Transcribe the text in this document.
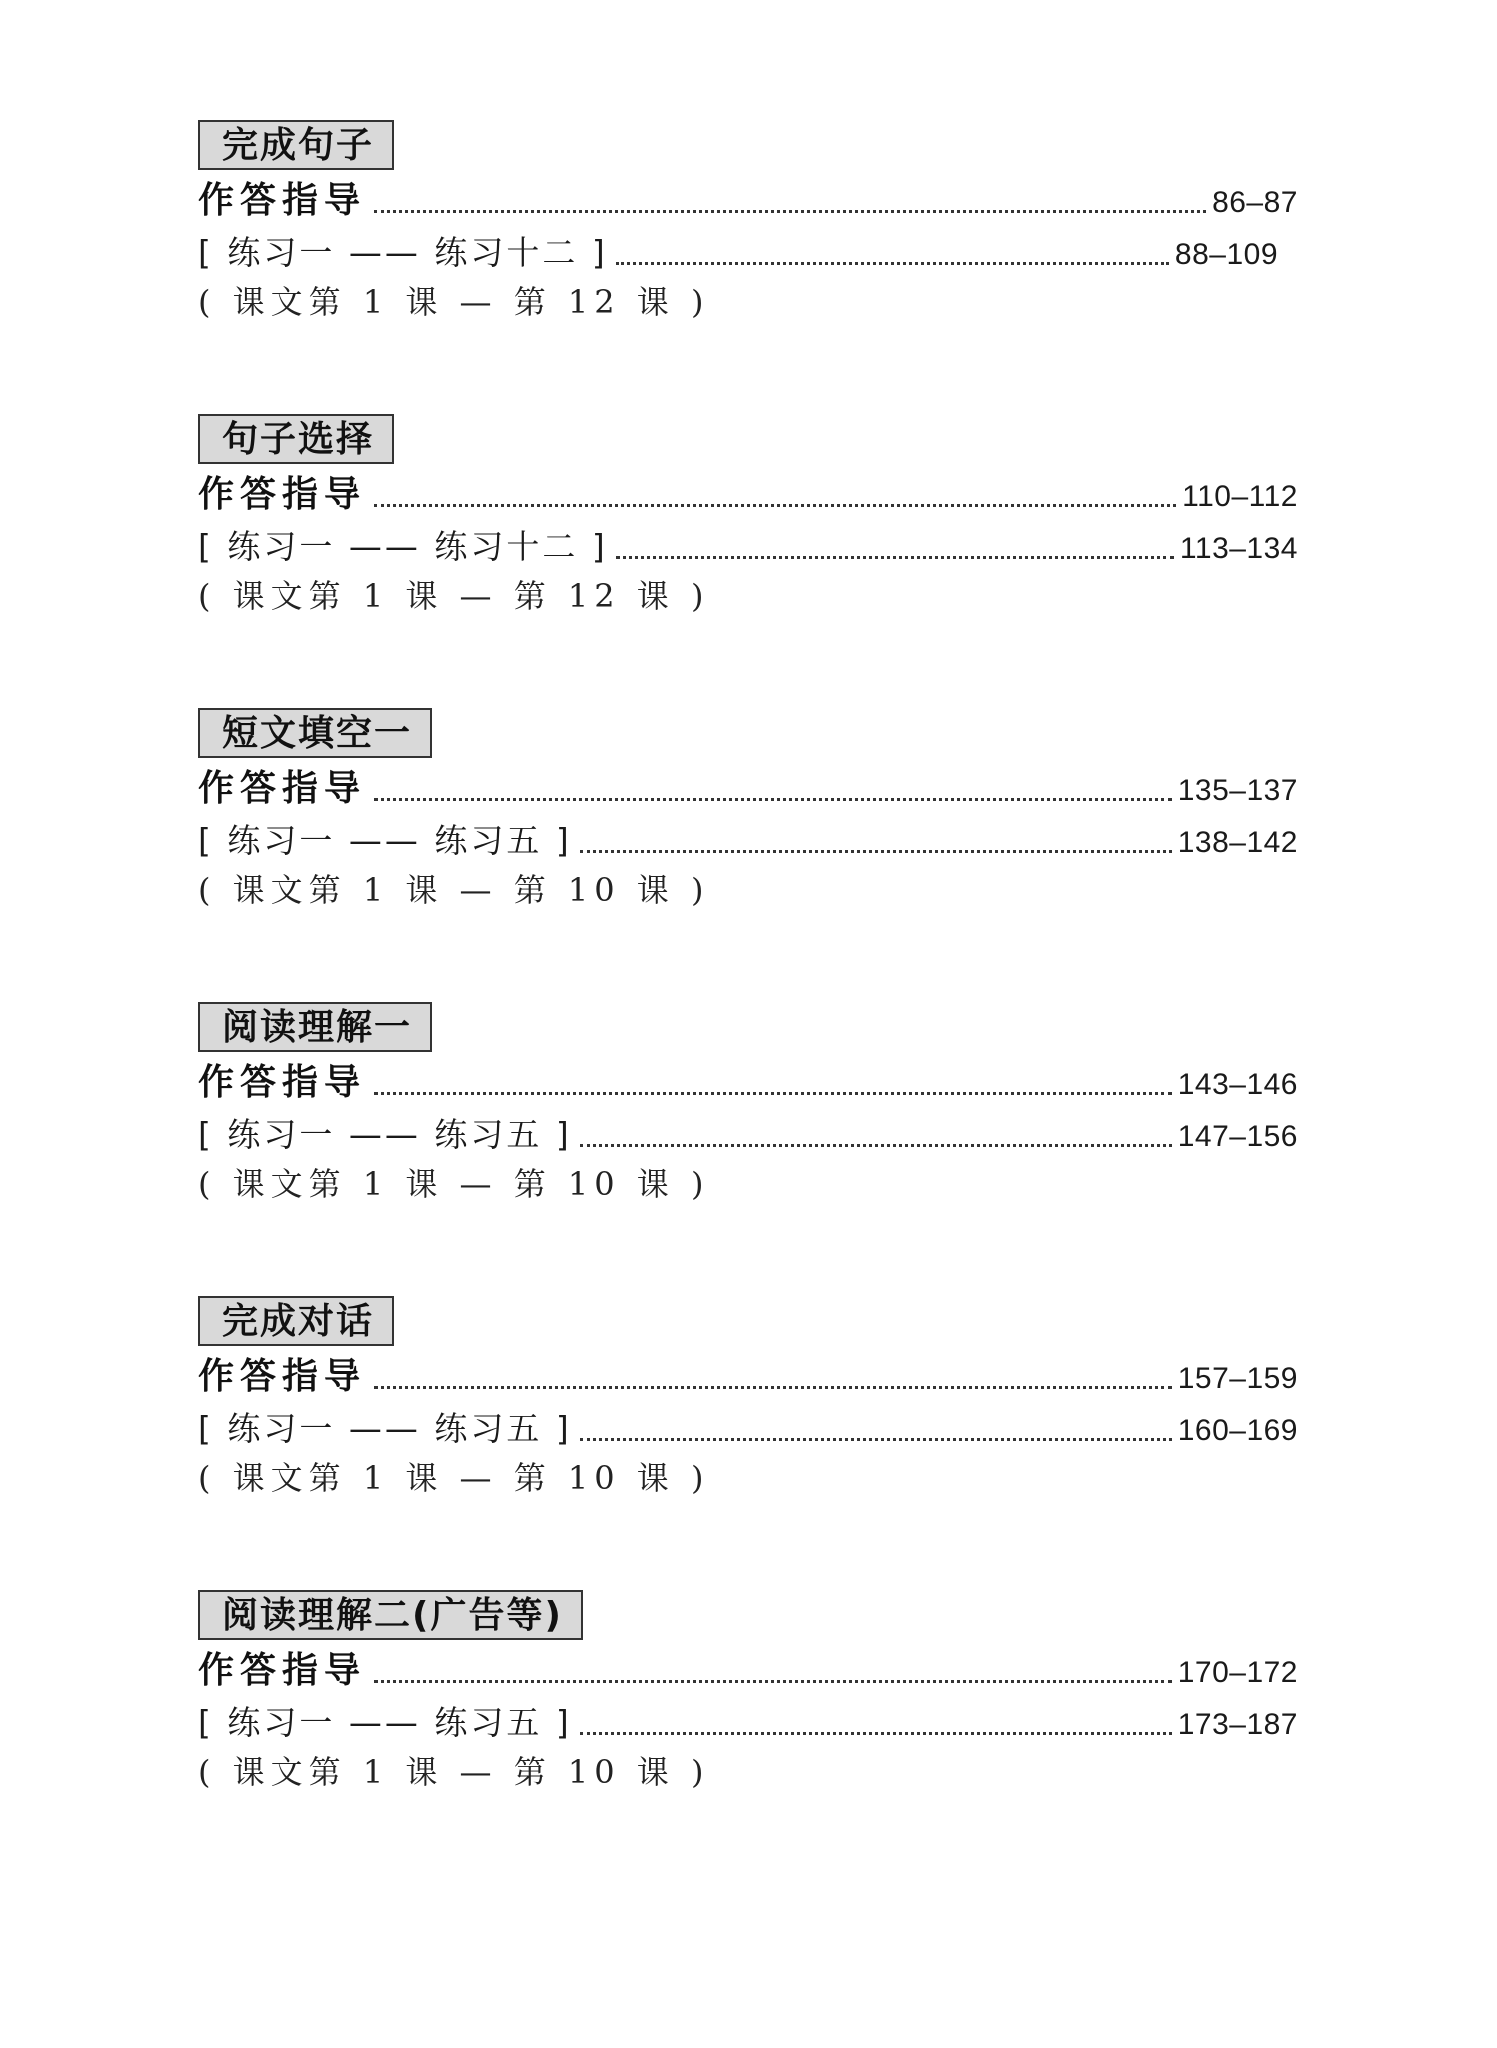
完成句子
作答指导	86–87
[ 练习一 —— 练习十二 ]	88–109
( 课文第 1 课 — 第 12 课 )
句子选择
作答指导	110–112
[ 练习一 —— 练习十二 ]	113–134
( 课文第 1 课 — 第 12 课 )
短文填空一
作答指导	135–137
[ 练习一 —— 练习五 ]	138–142
( 课文第 1 课 — 第 10 课 )
阅读理解一
作答指导	143–146
[ 练习一 —— 练习五 ]	147–156
( 课文第 1 课 — 第 10 课 )
完成对话
作答指导	157–159
[ 练习一 —— 练习五 ]	160–169
( 课文第 1 课 — 第 10 课 )
阅读理解二(广告等)
作答指导	170–172
[ 练习一 —— 练习五 ]	173–187
( 课文第 1 课 — 第 10 课 )
